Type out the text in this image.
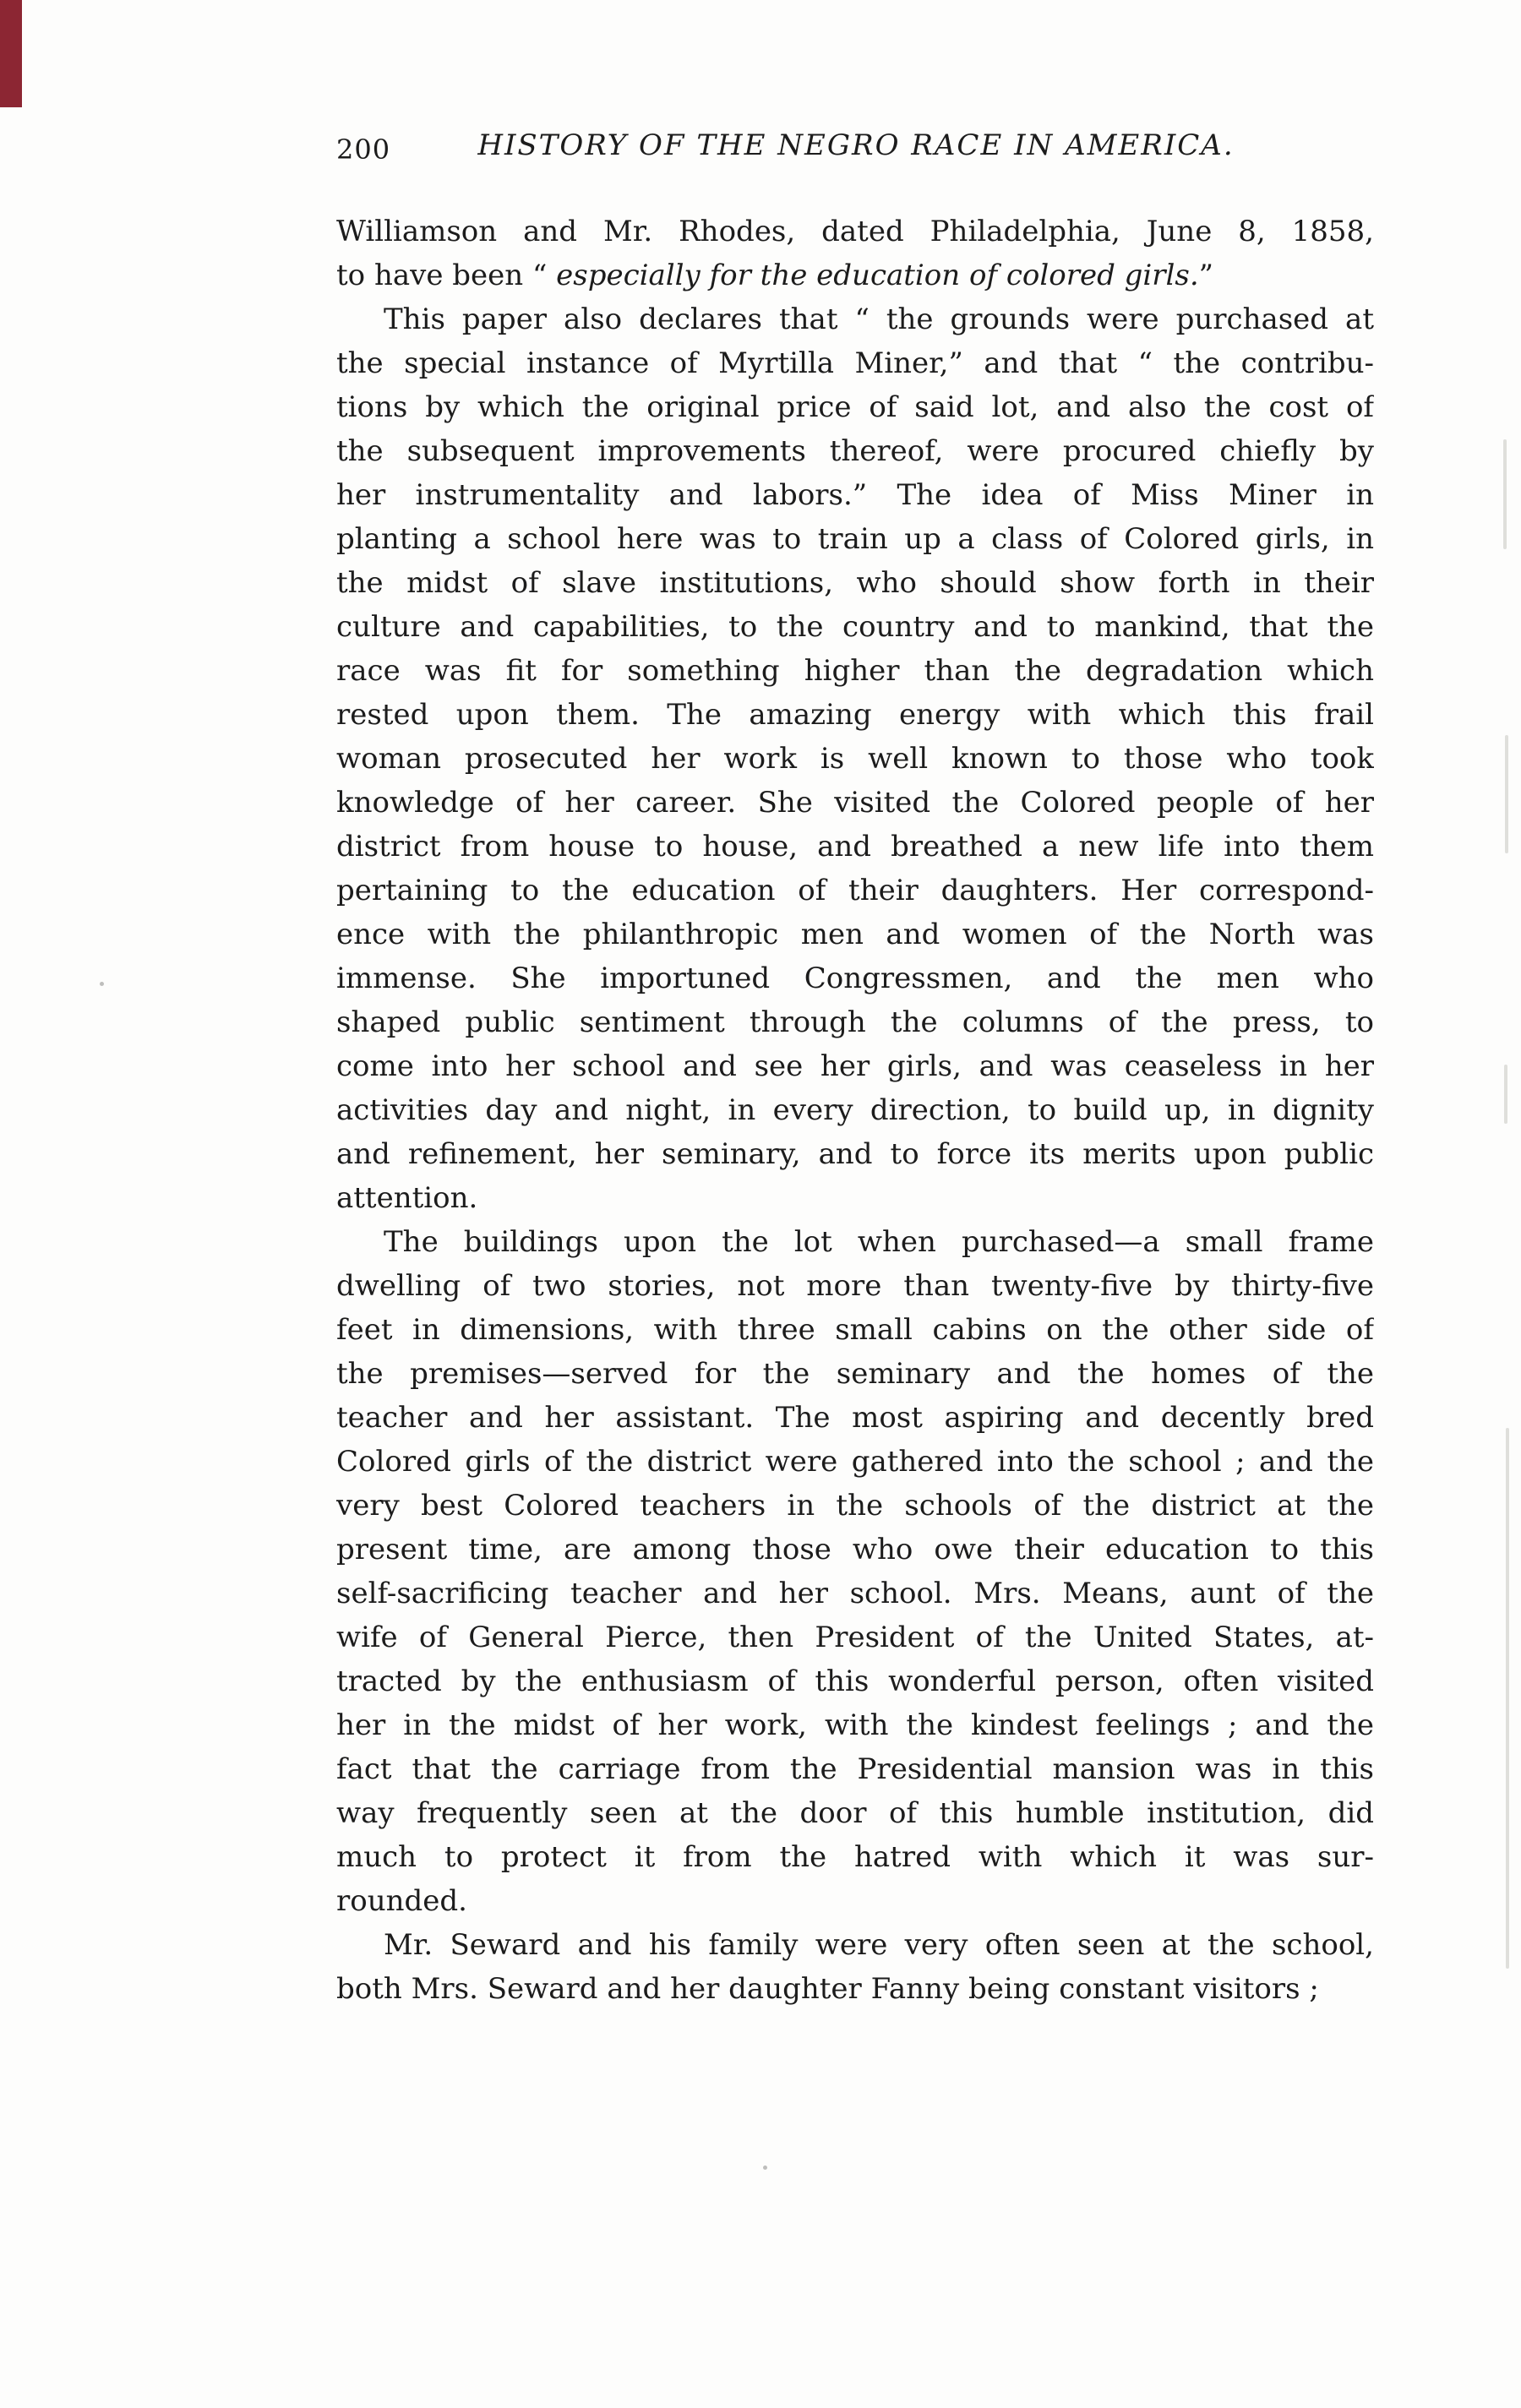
200	HISTORY OF THE NEGRO RACE IN AMERICA.
Williamson and Mr. Rhodes, dated Philadelphia, June 8, 1858,
to have been “ especially for the education of colored girls.”
This paper also declares that “ the grounds were purchased at
the special instance of Myrtilla Miner,” and that “ the contribu-
tions by which the original price of said lot, and also the cost of
the subsequent improvements thereof, were procured chiefly by
her instrumentality and labors.” The idea of Miss Miner in
planting a school here was to train up a class of Colored girls, in
the midst of slave institutions, who should show forth in their
culture and capabilities, to the country and to mankind, that the
race was fit for something higher than the degradation which
rested upon them. The amazing energy with which this frail
woman prosecuted her work is well known to those who took
knowledge of her career. She visited the Colored people of her
district from house to house, and breathed a new life into them
pertaining to the education of their daughters. Her correspond-
ence with the philanthropic men and women of the North was
immense. She importuned Congressmen, and the men who
shaped public sentiment through the columns of the press, to
come into her school and see her girls, and was ceaseless in her
activities day and night, in every direction, to build up, in dignity
and refinement, her seminary, and to force its merits upon public
attention.
The buildings upon the lot when purchased—a small frame
dwelling of two stories, not more than twenty-five by thirty-five
feet in dimensions, with three small cabins on the other side of
the premises—served for the seminary and the homes of the
teacher and her assistant. The most aspiring and decently bred
Colored girls of the district were gathered into the school ; and the
very best Colored teachers in the schools of the district at the
present time, are among those who owe their education to this
self-sacrificing teacher and her school. Mrs. Means, aunt of the
wife of General Pierce, then President of the United States, at-
tracted by the enthusiasm of this wonderful person, often visited
her in the midst of her work, with the kindest feelings ; and the
fact that the carriage from the Presidential mansion was in this
way frequently seen at the door of this humble institution, did
much to protect it from the hatred with which it was sur-
rounded.
Mr. Seward and his family were very often seen at the school,
both Mrs. Seward and her daughter Fanny being constant visitors ;
